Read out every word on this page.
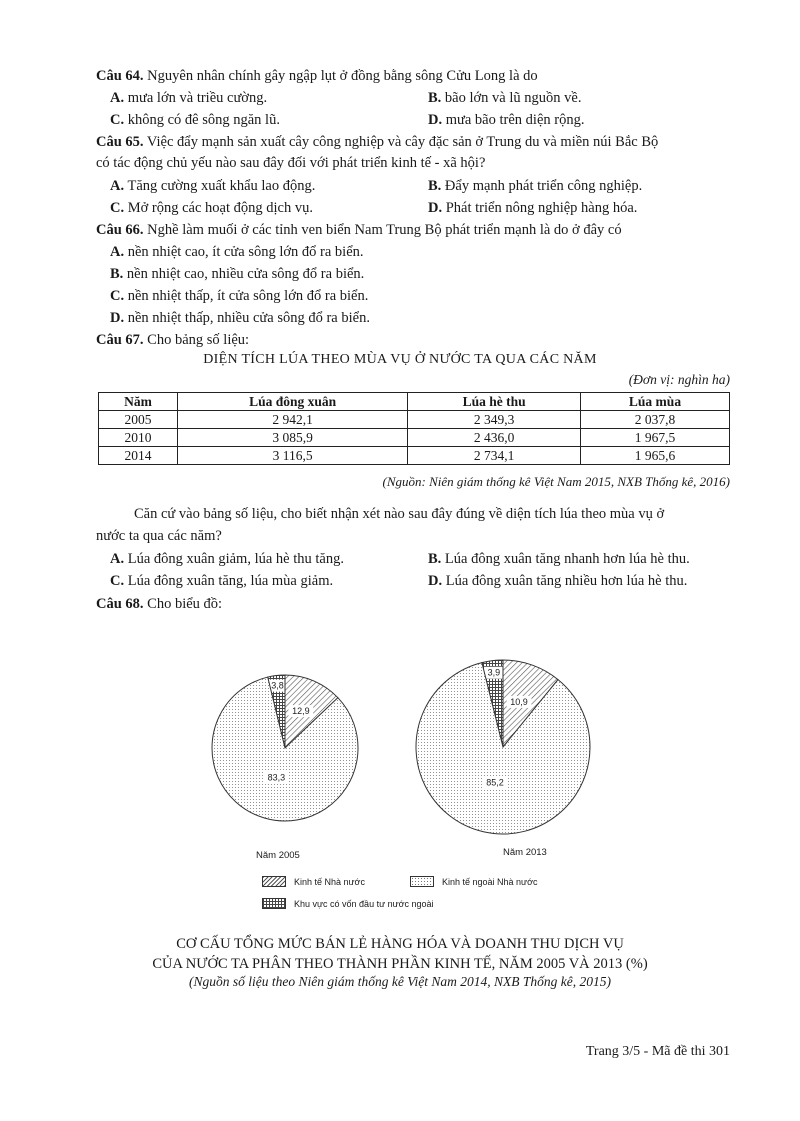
Câu 64. Nguyên nhân chính gây ngập lụt ở đồng bằng sông Cửu Long là do
A. mưa lớn và triều cường.	B. bão lớn và lũ nguồn về.
C. không có đê sông ngăn lũ.	D. mưa bão trên diện rộng.
Câu 65. Việc đẩy mạnh sản xuất cây công nghiệp và cây đặc sản ở Trung du và miền núi Bắc Bộ
có tác động chủ yếu nào sau đây đối với phát triển kinh tế - xã hội?
A. Tăng cường xuất khẩu lao động.	B. Đẩy mạnh phát triển công nghiệp.
C. Mở rộng các hoạt động dịch vụ.	D. Phát triển nông nghiệp hàng hóa.
Câu 66. Nghề làm muối ở các tỉnh ven biển Nam Trung Bộ phát triển mạnh là do ở đây có
A. nền nhiệt cao, ít cửa sông lớn đổ ra biển.
B. nền nhiệt cao, nhiều cửa sông đổ ra biển.
C. nền nhiệt thấp, ít cửa sông lớn đổ ra biển.
D. nền nhiệt thấp, nhiều cửa sông đổ ra biển.
Câu 67. Cho bảng số liệu:
DIỆN TÍCH LÚA THEO MÙA VỤ Ở NƯỚC TA QUA CÁC NĂM
(Đơn vị: nghìn ha)
Năm	Lúa đông xuân	Lúa hè thu	Lúa mùa
2005	2 942,1	2 349,3	2 037,8
2010	3 085,9	2 436,0	1 967,5
2014	3 116,5	2 734,1	1 965,6
(Nguồn: Niên giám thống kê Việt Nam 2015, NXB Thống kê, 2016)
Căn cứ vào bảng số liệu, cho biết nhận xét nào sau đây đúng về diện tích lúa theo mùa vụ ở
nước ta qua các năm?
A. Lúa đông xuân giảm, lúa hè thu tăng.	B. Lúa đông xuân tăng nhanh hơn lúa hè thu.
C. Lúa đông xuân tăng, lúa mùa giảm.	D. Lúa đông xuân tăng nhiều hơn lúa hè thu.
Câu 68. Cho biểu đồ:
3,8
12,9
83,3
3,9
10,9
85,2
Năm 2005	Năm 2013
Kinh tế Nhà nước	Kinh tế ngoài Nhà nước
Khu vực có vốn đầu tư nước ngoài
CƠ CẤU TỔNG MỨC BÁN LẺ HÀNG HÓA VÀ DOANH THU DỊCH VỤ
CỦA NƯỚC TA PHÂN THEO THÀNH PHẦN KINH TẾ, NĂM 2005 VÀ 2013 (%)
(Nguồn số liệu theo Niên giám thống kê Việt Nam 2014, NXB Thống kê, 2015)
Trang 3/5 - Mã đề thi 301
